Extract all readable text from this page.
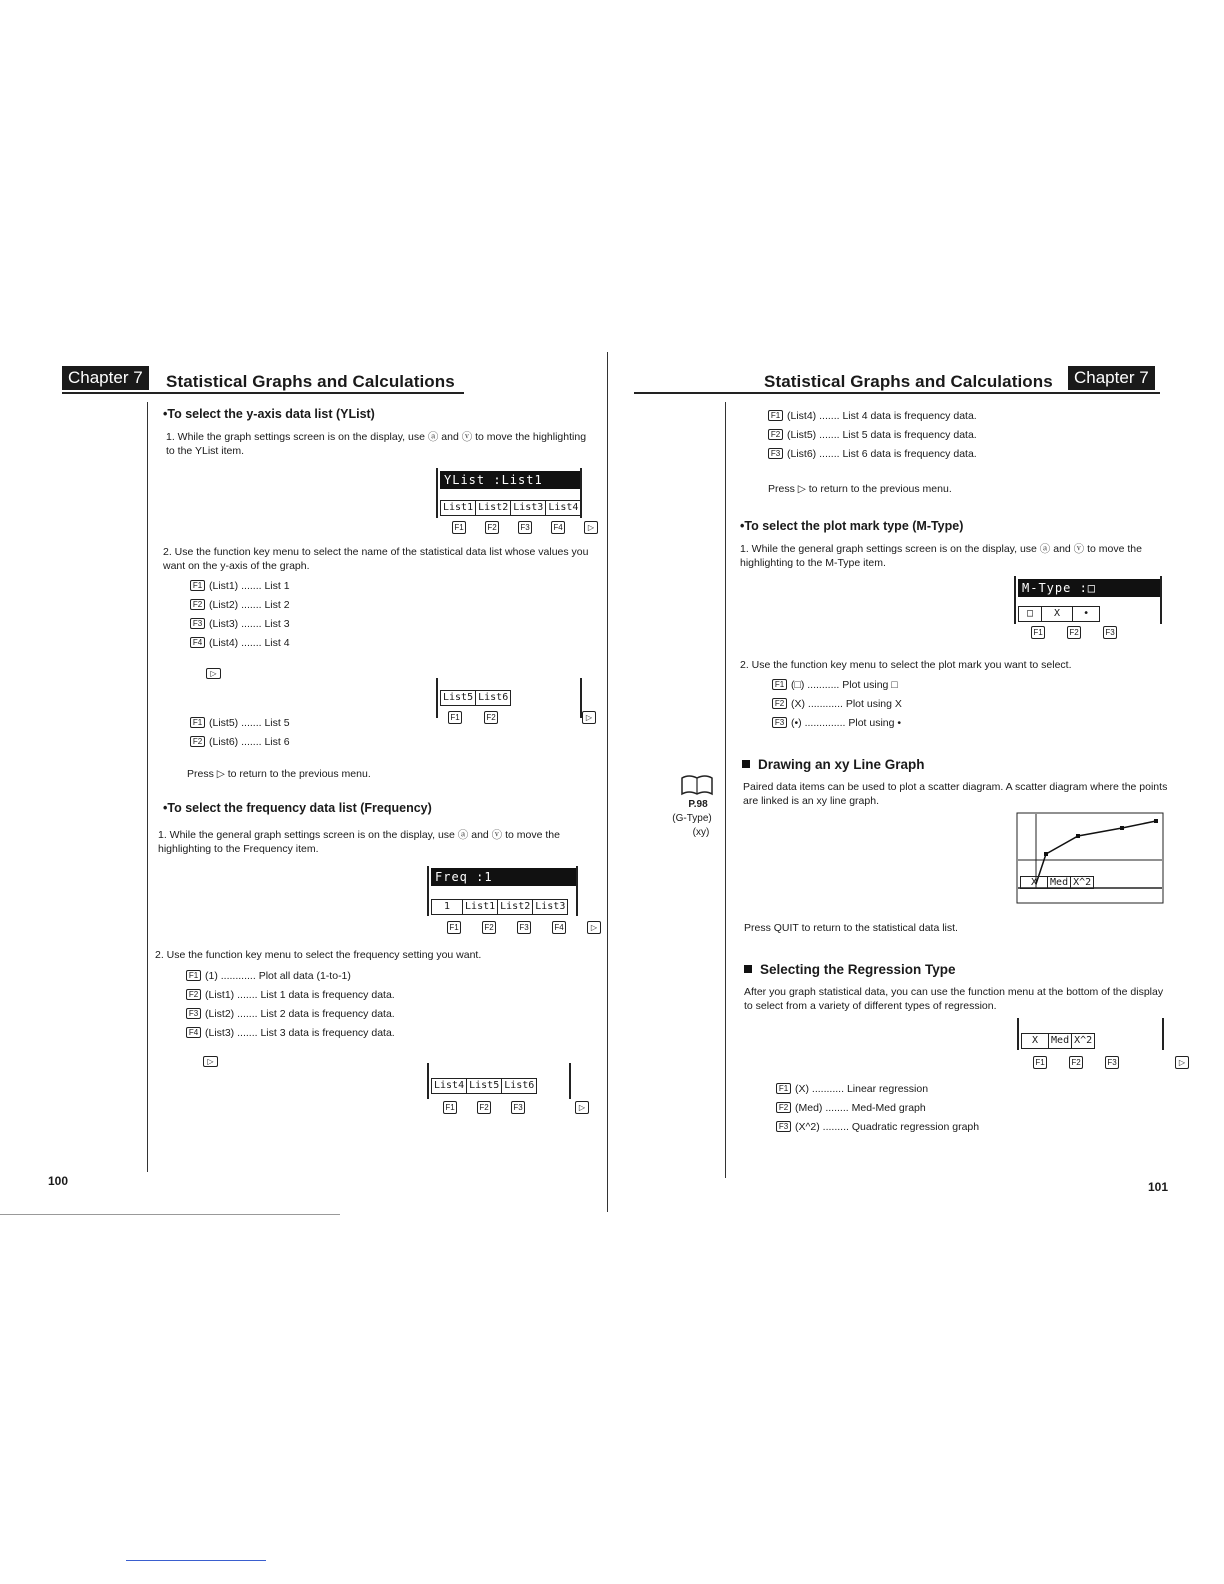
Chapter 7	Statistical Graphs and Calculations
•To select the y-axis data list (YList)
1. While the graph settings screen is on the display, use ⓐ and ⓥ to move the highlighting to the YList item.
YList :List1
List1 List2 List3 List4
F1	F2	F3	F4	▷
2. Use the function key menu to select the name of the statistical data list whose values you want on the y-axis of the graph.
F1 (List1) ....... List 1
F2 (List2) ....... List 2
F3 (List3) ....... List 3
F4 (List4) ....... List 4
▷
List5 List6
F1	F2	▷
F1 (List5) ....... List 5
F2 (List6) ....... List 6
Press ▷ to return to the previous menu.
•To select the frequency data list (Frequency)
1. While the general graph settings screen is on the display, use ⓐ and ⓥ to move the highlighting to the Frequency item.
Freq :1
1	List1 List2 List3
F1	F2	F3	F4	▷
2. Use the function key menu to select the frequency setting you want.
F1 (1) ............ Plot all data (1-to-1)
F2 (List1) ....... List 1 data is frequency data.
F3 (List2) ....... List 2 data is frequency data.
F4 (List3) ....... List 3 data is frequency data.
▷
List4 List5 List6
F1	F2	F3	▷
100
Statistical Graphs and Calculations	Chapter 7
F1 (List4) ....... List 4 data is frequency data.
F2 (List5) ....... List 5 data is frequency data.
F3 (List6) ....... List 6 data is frequency data.
Press ▷ to return to the previous menu.
•To select the plot mark type (M-Type)
1. While the general graph settings screen is on the display, use ⓐ and ⓥ to move the highlighting to the M-Type item.
M-Type :□
□	X	•
F1	F2	F3
2. Use the function key menu to select the plot mark you want to select.
F1 (□) ........... Plot using □
F2 (X) ............ Plot using X
F3 (•) .............. Plot using •
Drawing an xy Line Graph
P.98
(G-Type)
(xy)
Paired data items can be used to plot a scatter diagram. A scatter diagram where the points are linked is an xy line graph.
X	Med X^2
Press QUIT to return to the statistical data list.
Selecting the Regression Type
After you graph statistical data, you can use the function menu at the bottom of the display to select from a variety of different types of regression.
X	Med X^2
F1	F2	F3	▷
F1 (X) ........... Linear regression
F2 (Med) ........ Med-Med graph
F3 (X^2) ......... Quadratic regression graph
101
